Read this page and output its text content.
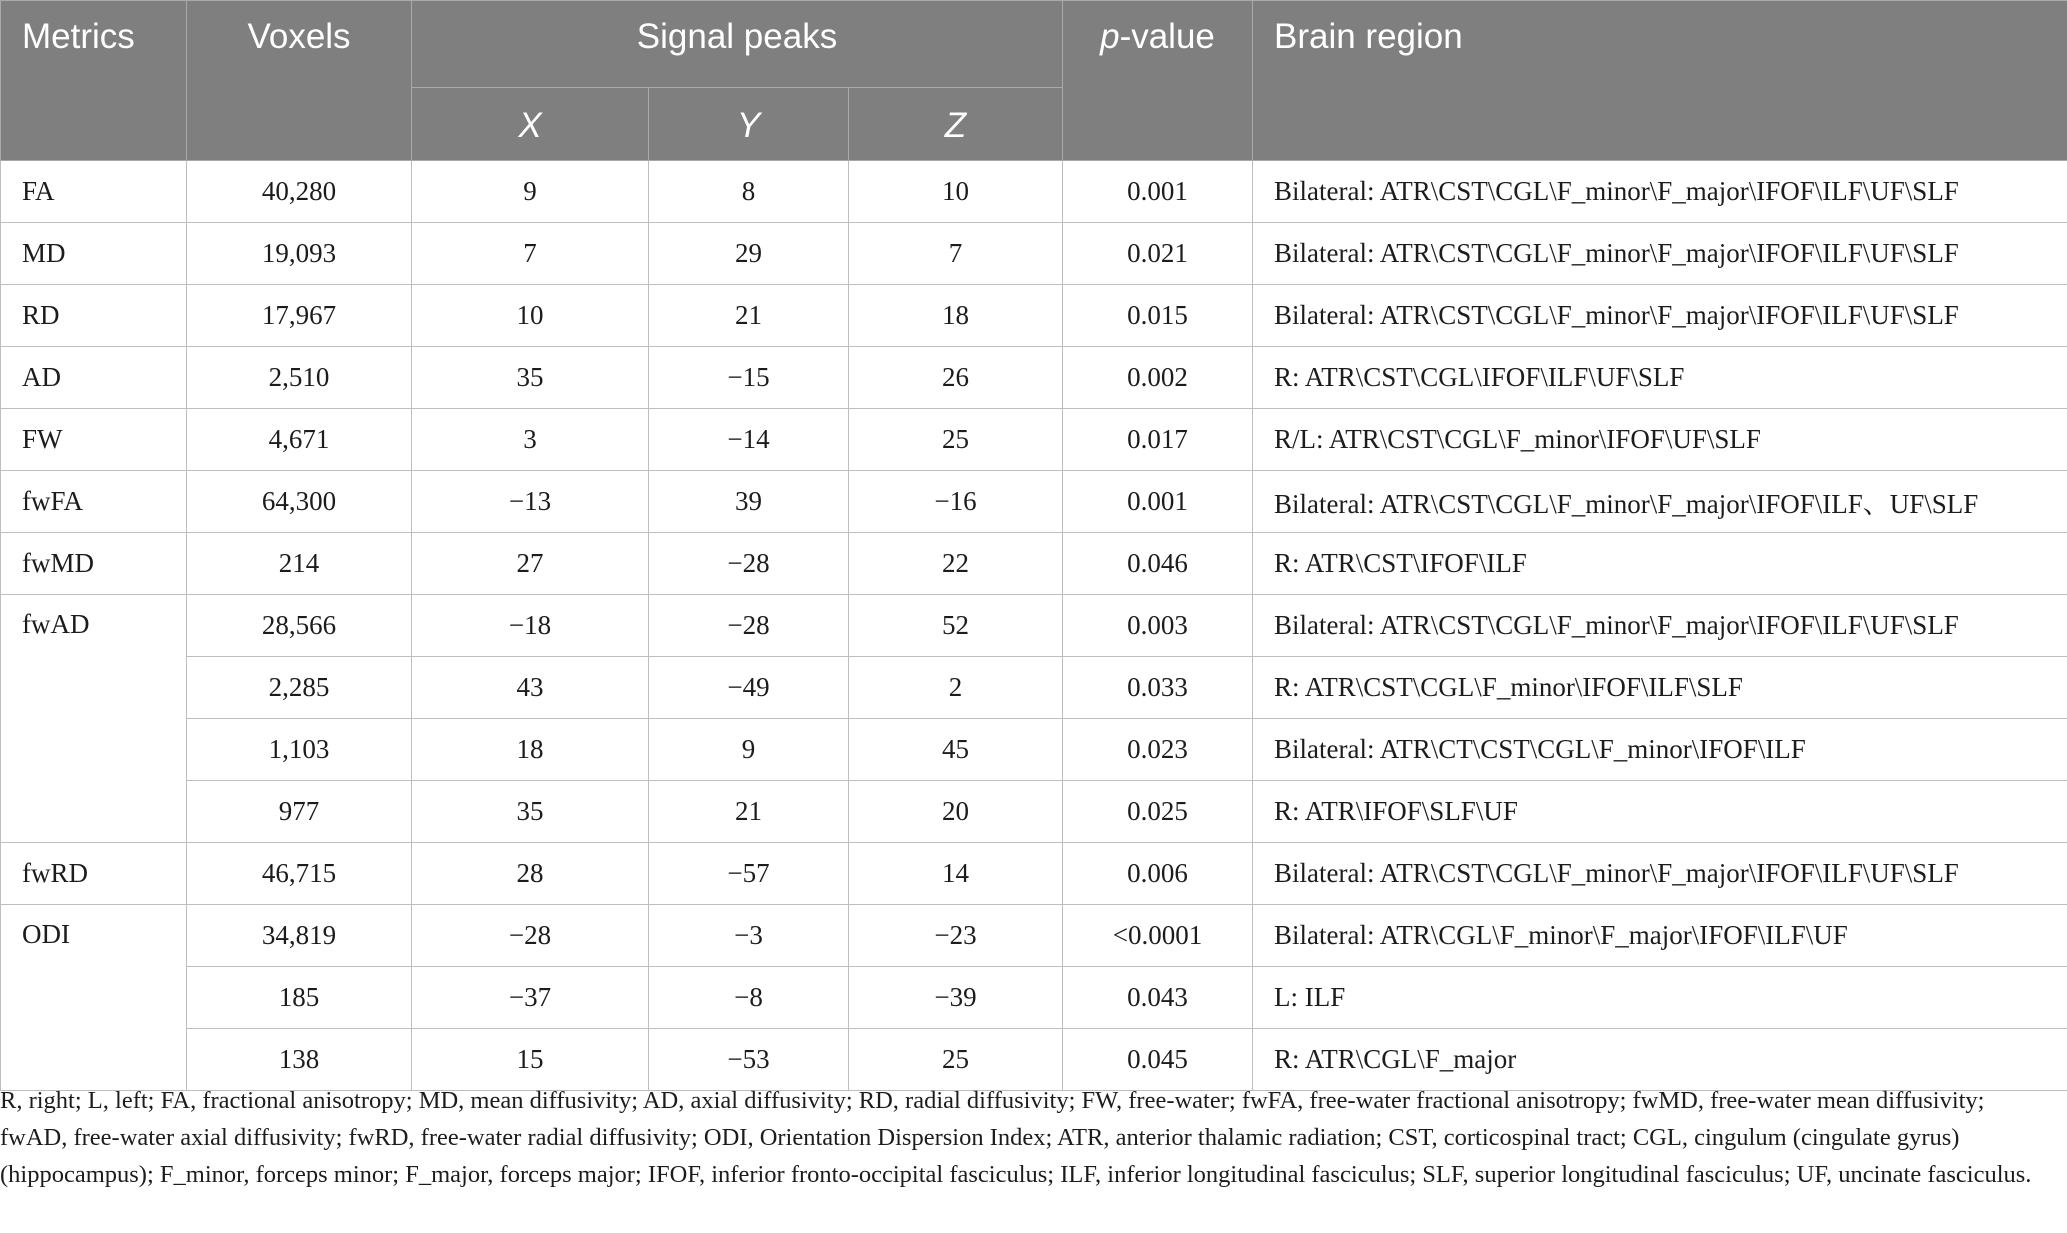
Metrics	Voxels	Signal peaks			p-value	Brain region
		X	Y	Z		
FA	40,280	9	8	10	0.001	Bilateral: ATR\CST\CGL\F_minor\F_major\IFOF\ILF\UF\SLF
MD	19,093	7	29	7	0.021	Bilateral: ATR\CST\CGL\F_minor\F_major\IFOF\ILF\UF\SLF
RD	17,967	10	21	18	0.015	Bilateral: ATR\CST\CGL\F_minor\F_major\IFOF\ILF\UF\SLF
AD	2,510	35	−15	26	0.002	R: ATR\CST\CGL\IFOF\ILF\UF\SLF
FW	4,671	3	−14	25	0.017	R/L: ATR\CST\CGL\F_minor\IFOF\UF\SLF
fwFA	64,300	−13	39	−16	0.001	Bilateral: ATR\CST\CGL\F_minor\F_major\IFOF\ILF、UF\SLF
fwMD	214	27	−28	22	0.046	R: ATR\CST\IFOF\ILF
fwAD	28,566	−18	−28	52	0.003	Bilateral: ATR\CST\CGL\F_minor\F_major\IFOF\ILF\UF\SLF
	2,285	43	−49	2	0.033	R: ATR\CST\CGL\F_minor\IFOF\ILF\SLF
	1,103	18	9	45	0.023	Bilateral: ATR\CT\CST\CGL\F_minor\IFOF\ILF
	977	35	21	20	0.025	R: ATR\IFOF\SLF\UF
fwRD	46,715	28	−57	14	0.006	Bilateral: ATR\CST\CGL\F_minor\F_major\IFOF\ILF\UF\SLF
ODI	34,819	−28	−3	−23	<0.0001	Bilateral: ATR\CGL\F_minor\F_major\IFOF\ILF\UF
	185	−37	−8	−39	0.043	L: ILF
	138	15	−53	25	0.045	R: ATR\CGL\F_major

R, right; L, left; FA, fractional anisotropy; MD, mean diffusivity; AD, axial diffusivity; RD, radial diffusivity; FW, free-water; fwFA, free-water fractional anisotropy; fwMD, free-water mean diffusivity; fwAD, free-water axial diffusivity; fwRD, free-water radial diffusivity; ODI, Orientation Dispersion Index; ATR, anterior thalamic radiation; CST, corticospinal tract; CGL, cingulum (cingulate gyrus) (hippocampus); F_minor, forceps minor; F_major, forceps major; IFOF, inferior fronto-occipital fasciculus; ILF, inferior longitudinal fasciculus; SLF, superior longitudinal fasciculus; UF, uncinate fasciculus.
